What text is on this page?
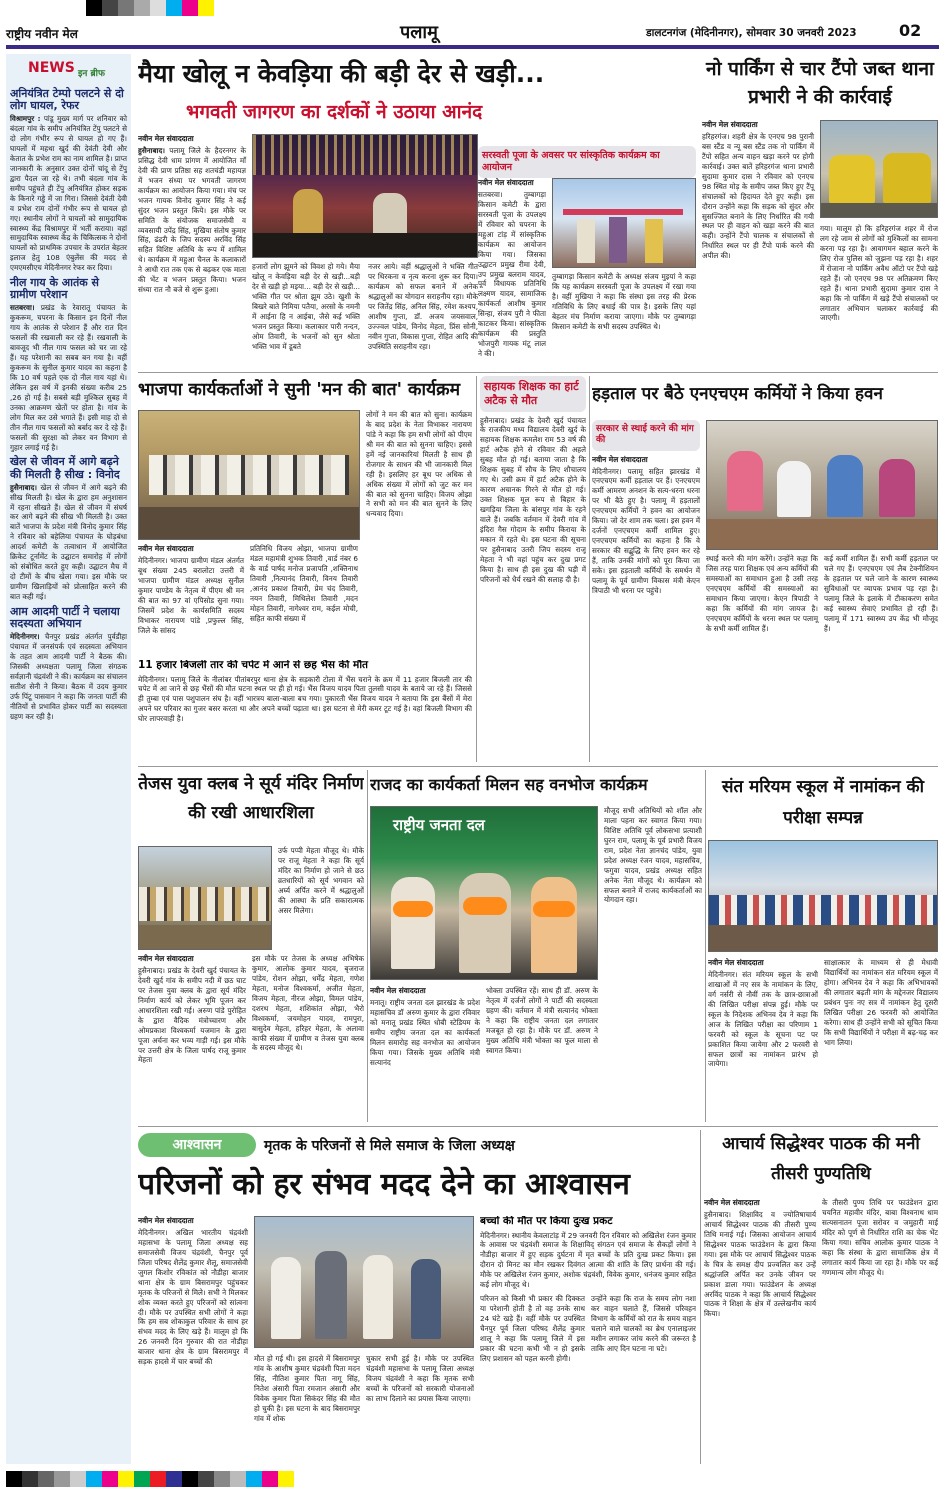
राष्ट्रीय नवीन मेल	पलामू	डालटनगंज (मेदिनीनगर), सोमवार 30 जनवरी 2023	02
NEWS इन ब्रीफ
अनियंत्रित टेम्पो पलटने से दो लोग घायल, रेफर
विश्रामपुर : पांडू मुख्य मार्ग पर शनिवार को बंदला गांव के समीप अनियंत्रित टेंपु पलटने से दो लोग गंभीर रूप से घायल हो गए हैं। घायलों में महथा खुर्द की देवंती देवी और केतात के प्रभेश राम का नाम शामिल है। प्राप्त जानकारी के अनुसार उक्त दोनों चांदू से टेंपु द्वारा पैदल जा रहे थे। तभी बंदला गांव के समीप पहुंचते ही टेंपु अनियंत्रित होकर सड़क के किनारे गड्ढे में जा गिरा। जिससे देवंती देवी व प्रभेश राम दोनों गंभीर रूप से घायल हो गए। स्थानीय लोगों ने घायलों को सामुदायिक स्वास्थ्य केंद्र विश्रामपुर में भर्ती कराया। वहां सामुदायिक स्वास्थ्य केंद्र के चिकित्सक ने दोनों घायलों को प्राथमिक उपचार के उपरांत बेहतर इलाज हेतु 108 एंबुलेंस की मदद से एमएमसीएच मेदिनीनगर रेफर कर दिया।
नील गाय के आतंक से ग्रामीण परेशान
सतबरवा। प्रखंड के रेवारातू पंचायत के कुकरूम, चपरना के किसान इन दिनों नील गाय के आतंक से परेशान हैं और रात दिन फसलों की रखवाली कर रहे हैं। रखवाली के बावजूद भी नील गाय फसल को चर जा रहे हैं। यह परेशानी का सबब बन गया है। वहीं कुकरूम के सुनील कुमार यादव का कहना है कि 10 वर्ष पहले एक दो नील गाय यहां थे। लेकिन इस वर्ष में इनकी संख्या करीब 25 ,26 हो गई है। सबसे बड़ी मुश्किल सुबह में उनका आक्रमण खेतों पर होता है। गांव के लोग मिल कर उसे भगाते हैं। इसी माह दो से तीन नील गाय फसलों को बर्बाद कर दे रहे हैं। फसलों की सुरक्षा को लेकर वन विभाग से गुहार लगाई गई है।
खेल से जीवन में आगे बढ़ने की मिलती है सीख : विनोद
हुसैनाबाद। खेल से जीवन में आगे बढ़ने की सीख मिलती है। खेल के द्वारा हम अनुशासन में रहना सीखते हैं। खेल से जीवन में संघर्ष कर आगे बढ़ने की सीख भी मिलती है। उक्त बातें भाजपा के प्रदेश मंत्री विनोद कुमार सिंह ने रविवार को बहेलिया पंचायत के घोड़बंधा आदर्श कमेटी के तत्वाधान में आयोजित क्रिकेट टूर्नामेंट के उद्घाटन समारोह में लोगों को संबोधित करते हुए कही। उद्घाटन मैच में दो टीमों के बीच खेला गया। इस मौके पर ग्रामीण खिलाड़ियों को प्रोत्साहित करने की बात कही गई।
आम आदमी पार्टी ने चलाया सदस्यता अभियान
मेदिनीनगर। चैनपुर प्रखंड अंतर्गत पुर्वडीहा पंचायत में जनसंपर्क एवं सदस्यता अभियान के तहत आम आदमी पार्टी ने बैठक की। जिसकी अध्यक्षता पलामू जिला संगठक सर्वज्ञानी चंद्रवंशी ने की। कार्यक्रम का संचालन सतीश सेनी ने किया। बैठक में उदय कुमार उर्फ पिंटू पासवान ने कहा कि जनता पार्टी की नीतियों से प्रभावित होकर पार्टी का सदस्यता ग्रहण कर रही है।
मैया खोलू न केवड़िया की बड़ी देर से खड़ी...
भगवती जागरण का दर्शकों ने उठाया आनंद
नवीन मेल संवाददाता
हुसैनाबाद। पलामू जिले के हैदरनगर के प्रसिद्ध देवी धाम प्रांगण में आयोजित माँ देवी की प्राण प्रतिष्ठा सह शतचंडी महायज्ञ में भजन संध्या पर भगवती जागरण कार्यक्रम का आयोजन किया गया। मंच पर भजन गायक विनोद कुमार सिंह ने कई सुंदर भजन प्रस्तुत किये। इस मौके पर समिति के संयोजक समाजसेवी व व्यवसायी उपेंद्र सिंह, मुखिया संतोष कुमार सिंह, ढंढरी के जिप सदस्य अरविंद सिंह सहित विशिष्ट अतिथि के रूप में शामिल थे। कार्यक्रम में महुआ चैनल के कलाकारों ने आधी रात तक एक से बढ़कर एक माता की भेंट व भजन प्रस्तुत किया। भजन संध्या रात नौ बजे से शुरू हुआ।
हजारों लोग झूमने को विवश हो गये। मैया खोलू न केवड़िया बड़ी देर से खड़ी...बड़ी देर से खड़ी हो मइया... बड़ी देर से खड़ी... भक्ति गीत पर श्रोता झूम उठे। खुशी के बिखरे बाते निमिया पतैया, अरसो के नमनी में आईना हि न आईबा, जैसे कई भक्ति भजन प्रस्तुत किया। कलाकार पारी नन्दन, ओम तिवारी, के भजनों को सुन श्रोता भक्ति भाव में डूबते
नजर आये। वहीं श्रद्धालुओं ने भक्ति गीत पर थिरकना व नृत्य करना शुरू कर दिया। कार्यक्रम को सफल बनाने में अनेक श्रद्धालुओं का योगदान सराहनीय रहा। मौके पर जितेंद्र सिंह, अनिल सिंह, रमेश कश्यप, आशीष गुप्ता, डॉ. अजय जयसवाल, उज्ज्वल पांडेय, विनोद मेहता, प्रिंस सोनी, नवीन गुप्ता, विकास गुप्ता, रोहित आदि की उपस्थिति सराहनीय रहा।
सरस्वती पूजा के अवसर पर सांस्कृतिक कार्यक्रम का आयोजन
नवीन मेल संवाददाता
सतबरवा। तुम्बागड़ा किसान कमेटी के द्वारा सरस्वती पूजा के उपलक्ष्य में रविवार को चपरना के महुआ टांड़ में सांस्कृतिक कार्यक्रम का आयोजन किया गया। जिसका उद्घाटन प्रमुख रीमा देवी, उप प्रमुख बलराम यादव, पूर्व विधायक प्रतिनिधि लक्ष्मण यादव, सामाजिक कार्यकर्ता आशीष कुमार सिन्हा, संजय पुरी ने फीता काटकर किया। सांस्कृतिक कार्यक्रम की प्रस्तुति भोजपुरी गायक मंटू लाल ने की।
तुम्बागड़ा किसान कमेटी के अध्यक्ष संजय मुइयां ने कहा कि यह कार्यक्रम सरस्वती पूजा के उपलक्ष्य में रखा गया है। वहीं मुखिया ने कहा कि संस्था इस तरह की प्रेरक गतिविधि के लिए बधाई की पात्र है। इसके लिए यहां बेहतर मंच निर्माण कराया जाएगा। मौके पर तुम्बागड़ा किसान कमेटी के सभी सदस्य उपस्थित थे।
नो पार्किंग से चार टैंपो जब्त थाना प्रभारी ने की कार्रवाई
नवीन मेल संवाददाता
हरिहरगंज। शहरी क्षेत्र के एनएच 98 पुरानी बस स्टैंड व न्यू बस स्टैंड तक नो पार्किंग में टैंपो सहित अन्य वाहन खड़ा करने पर होगी कार्रवाई। उक्त बातें हरिहरगंज थाना प्रभारी सुदामा कुमार दास ने रविवार को एनएच 98 स्थित मोड़ के समीप जब्त किए हुए टैंपू संचालकों को हिदायत देते हुए कही। इस दौरान उन्होंने कहा कि सड़क को सुंदर और सुसज्जित बनाने के लिए निर्धारित की गयी स्थल पर ही वाहन को खड़ा करने की बात कही। उन्होंने टैंपो चालक व संचालकों से निर्धारित स्थल पर ही टैंपो पार्क करने की अपील की।
गया। मालूम हो कि हरिहरगंज शहर में रोज लग रहे जाम से लोगों को मुश्किलों का सामना करना पड़ रहा है। आवागमन बहाल करने के लिए रोज पुलिस को जुझना पड़ रहा है। शहर में रोजाना नो पार्किंग अवैध ऑटो पर टैंपो खड़े रहते हैं। जो एनएच 98 पर अतिक्रमण किए रहते हैं। थाना प्रभारी सुदामा कुमार दास ने कहा कि नो पार्किंग में खड़े टैंपो संचालकों पर लगातार अभियान चलाकर कार्रवाई की जाएगी।
भाजपा कार्यकर्ताओं ने सुनी 'मन की बात' कार्यक्रम
नवीन मेल संवाददाता
मेदिनीनगर। भाजपा ग्रामीण मंडल अंतर्गत बूथ संख्या 245 बरालोटा उत्तरी में भाजपा ग्रामीण मंडल अध्यक्ष सुनील कुमार पाण्डेय के नेतृत्व में पीएम श्री मन की बात का 97 वां एपिसोड सुना गया। जिसमें प्रदेश के कार्यसमिति सदस्य विभाकर नारायण पांडे ,प्रफुल्ल सिंह, जिले के सांसद
प्रतिनिधि विजय ओझा, भाजपा ग्रामीण मंडल महामंत्री शुभक तिवारी ,वार्ड नंबर 6 के वार्ड पार्षद मनोज प्रजापति ,शक्तिनाथ तिवारी ,नित्यानंद तिवारी, विनय तिवारी ,आनंद प्रकाश तिवारी, प्रेम चंद तिवारी, नयन तिवारी, मिथिलेश तिवारी ,मदन मोहन तिवारी, नागेश्वर राम, कईल मोची, सहित काफी संख्या में
लोगों ने मन की बात को सुना। कार्यक्रम के बाद प्रदेश के नेता विभाकर नारायण पांडे ने कहा कि हम सभी लोगों को पीएम श्री मन की बात को सुनना चाहिए। इससे हमें नई जानकारियां मिलती है साथ ही रोजगार के साधन की भी जानकारी मिल रही है। इसलिए हर बूथ पर अधिक से अधिक संख्या में लोगों को जुट कर मन की बात को सुनना चाहिए। विजय ओझा ने सभी को मन की बात सुनने के लिए धन्यवाद दिया।
11 हजार बिजली तार की चपेट में आने से छह भैंस की मौत
मेदिनीनगर। पलामू जिले के नीलांबर पीतांबरपुर थाना क्षेत्र के सड़कारी टोला में भैंस चराने के क्रम में 11 हजार बिजली तार की चपेट में आ जाने से छह भैंसों की मौत घटना स्थल पर ही हो गई। भैंस विजय यादव पिता तुलसी यादव के बताये जा रहे हैं। जिससे ही तुम्बा एवं पास पशुपालन संघ है। वहीं भारत्रय बाला-बाला बच गया। पुकारती भैंस विजय यादव ने बताया कि इस बैंसों में मेरा अपने घर परिवार का गुजर बसर करता था और अपने बच्चों पढ़ाता था। इस घटना से मेरी कमर टूट गई है। वहां बिजली विभाग की घोर लापरवाही है।
सहायक शिक्षक का हार्ट अटैक से मौत
हुसैनाबाद। प्रखंड के देवरी खुर्द पंचायत के राजकीय मध्य विद्यालय देवरी खुर्द के सहायक शिक्षक कमलेश राम 53 वर्ष की हार्ट अटैक होने से रविवार की अहले सुबह मौत हो गई। बताया जाता है कि शिक्षक सुबह में सौच के लिए शौचालय गए थे। उसी क्रम में हार्ट अटैक होने के कारण अचानक गिरने से मौत हो गई। उक्त शिक्षक मूल रूप से बिहार के खगड़िया जिला के बांसपुर गांव के रहने वाले हैं। जबकि वर्तमान में देवरी गांव में इंदिरा गैस गोदाम के समीप किराया के मकान में रहते थे। इस घटना की सूचना पर हुसैनाबाद उतरी जिप सदस्य राजू मेहता ने भी वहां पहुंच कर दुख प्रगट किया है। साथ ही इस दुख की घड़ी में परिजनों को धैर्य रखने की सलाह दी है।
हड़ताल पर बैठे एनएचएम कर्मियों ने किया हवन
सरकार से स्थाई करने की मांग की
नवीन मेल संवाददाता
मेदिनीनगर। पलामू सहित झारखंड में एनएचएम कर्मी हड़ताल पर हैं। एनएचएम कर्मी आमरण अनशन के सत्य-धरना धरना पर भी बैठे हुए है। पलामू में हड़तालों एनएचएम कर्मियों ने हवन का आयोजन किया। जो देर शाम तक चला। इस हवन में दर्जनों एनएचएम कर्मी शामिल हुए। एनएचएम कर्मियों का कहना है कि वे सरकार की सद्बुद्धि के लिए हवन कर रहे हैं, ताकि उनकी मांगों को पूरा किया जा सके। इस हड़ताली कर्मियों के समर्थन में पलामू के पूर्व ग्रामीण विकास मंत्री केएन त्रिपाठी भी धरना पर पहुंचे।
स्थाई करने की मांग करेंगे। उन्होंने कहा कि जिस तरह पारा शिक्षक एवं अन्य कर्मियों की समस्याओं का समाधान हुआ है उसी तरह एनएचएम कर्मियों की समस्याओं का समाधान किया जाएगा। केएन त्रिपाठी ने कहा कि कर्मियों की मांग जायज है। एनएचएम कर्मियों के धरना स्थल पर पलामू के सभी कर्मी शामिल हैं।
कई कर्मी शामिल हैं। सभी कर्मी हड़ताल पर चले गए हैं। एनएचएम एवं लैब टेक्नीशियन के हड़ताल पर चले जाने के कारण स्वास्थ्य सुविधाओं पर व्यापक प्रभाव पड़ रहा है। पलामू जिले के इलाके में टीकाकरण समेत कई स्वास्थ्य सेवाएं प्रभावित हो रही हैं। पलामू में 171 स्वास्थ्य उप केंद्र भी मौजूद हैं।
तेजस युवा क्लब ने सूर्य मंदिर निर्माण की रखी आधारशिला
उर्फ पप्पी मेहता मौजूद थे। मौके पर राजू मेहता ने कहा कि सूर्य मंदिर का निर्माण हो जाने से छठ व्रतधारियों को सूर्य भगवान को अर्घ्य अर्पित करने में श्रद्धालुओं की आस्था के प्रति सकारात्मक असर मिलेगा।
नवीन मेल संवाददाता
हुसैनाबाद। प्रखंड के देवरी खुर्द पंचायत के देवरी खुर्द गांव के समीप नदी में छठ घाट पर तेजस युवा क्लब के द्वारा सूर्य मंदिर निर्माण कार्य को लेकर भूमि पूजन कर आधारशिला रखी गई। अरुण पांडे पुरोहित के द्वारा वैदिक मंत्रोच्चारण और ओमप्रकाश विश्वकर्मा यजमान के द्वारा पूजा अर्चना कर भव्य गाड़ी गई। इस मौके पर उत्तरी क्षेत्र के जिला पार्षद राजू कुमार मेहता
इस मौके पर तेजस के अध्यक्ष अभिषेक कुमार, आलोक कुमार यादव, बृजराज पांडेय, रोशन ओझा, धर्मेंद्र मेहता, गणेश मेहता, मनोज विश्वकर्मा, अजीत मेहता, विजय मेहता, नीरज ओझा, विमल पांडेय, दशरथ मेहता, शशिकांत ओझा, भैरो विश्वकर्मा, जयमोहन यादव, रामपुरा, बासुदेव मेहता, हरिहर मेहता, के अलावा काफी संख्या में ग्रामीण व तेजस युवा क्लब के सदस्य मौजूद थे।
राजद का कार्यकर्ता मिलन सह वनभोज कार्यक्रम
राष्ट्रीय जनता दल
मौजूद सभी अतिथियों को शॉल और माला पहना कर स्वागत किया गया। विशिष्ट अतिथि पूर्व लोकसभा प्रत्याशी घुरन राम, पलामू के पूर्व प्रभारी विजय राम, प्रदेश नेता ज्ञानचंद पांडेय, युवा प्रदेश अध्यक्ष रंजन यादव, महासचिव, फगुवा यादव, प्रखंड अध्यक्ष सहित अनेक नेता मौजूद थे। कार्यक्रम को सफल बनाने में राजद कार्यकर्ताओं का योगदान रहा।
नवीन मेल संवाददाता
मनातू। राष्ट्रीय जनता दल झारखंड के प्रदेश महासचिव डॉ अरुण कुमार के द्वारा रविवार को मनातू प्रखंड स्थित धोबी स्टेडियम के समीप राष्ट्रीय जनता दल का कार्यकर्ता मिलन समारोह सह वनभोज का आयोजन किया गया। जिसके मुख्य अतिथि मंत्री सत्यानंद
भोक्ता उपस्थित रहें। साथ ही डॉ. अरुण के नेतृत्व में दर्जनों लोगों ने पार्टी की सदस्यता ग्रहण की। वर्तमान में मंत्री सत्यानंद भोक्ता ने कहा कि राष्ट्रीय जनता दल लगातार मजबूत हो रहा है। मौके पर डॉ. अरुण ने मुख्य अतिथि मंत्री भोक्ता का फूल माला से स्वागत किया।
संत मरियम स्कूल में नामांकन की परीक्षा सम्पन्न
नवीन मेल संवाददाता
मेदिनीनगर। संत मरियम स्कूल के सभी शाखाओं में नए सत्र के नामांकन के लिए, वर्ग नर्सरी से नौवीं तक के छात्र-छात्राओं की लिखित परीक्षा संपन्न हुई। मौके पर स्कूल के निदेशक अभिनव देव ने कहा कि आज के लिखित परीक्षा का परिणाम 1 फरवरी को स्कूल के सूचना पट पर प्रकाशित किया जायेगा और 2 फरवरी से सफल छात्रों का नामांकन प्रारंभ हो जायेगा।
साक्षात्कार के माध्यम से ही मेधावी विद्यार्थियों का नामांकन संत मरियम स्कूल में होगा। अभिनव देव ने कहा कि अभिभावकों की लगातार बढ़ती मांग के मद्देनजर विद्यालय प्रबंधन पुनः नए सत्र में नामांकन हेतु दूसरी लिखित परीक्षा 26 फरवरी को आयोजित करेगा। साथ ही उन्होंने सभी को सूचित किया कि सभी विद्यार्थियों ने परीक्षा में बढ़-चढ़ कर भाग लिया।
आश्वासन	मृतक के परिजनों से मिले समाज के जिला अध्यक्ष
परिजनों को हर संभव मदद देने का आश्वासन
नवीन मेल संवाददाता
मेदिनीनगर। अखिल भारतीय चंद्रवंशी महासभा के पलामू जिला अध्यक्ष सह समाजसेवी विजय चंद्रवंशी, चैनपुर पूर्व जिला परिषद शैलेंद्र कुमार शैलू, समाजसेवी जुगल किशोर रविकांत को नौडीहा बाजार थाना क्षेत्र के ग्राम बिसरामपुर पहुंचकर मृतक के परिजनों से मिले। सभी ने मिलकर शोक व्यक्त करते हुए परिजनों को सांत्वना दी। मौके पर उपस्थित सभी लोगों ने कहा कि हम सब शोकाकुल परिवार के साथ हर संभव मदद के लिए खड़े हैं। मालूम हो कि 26 जनवरी दिन गुरुवार की रात नौडीहा बाजार थाना क्षेत्र के ग्राम बिसरामपुर में सड़क हादसे में चार बच्चों की	मौत हो गई थी। इस हादसे में बिसरामपुर गांव के आशीष कुमार चंद्रवंशी पिता मदन सिंह, नीतिश कुमार पिता नागू सिंह, नितेश अंसारी पिता रमजान अंसारी और विवेक कुमार पिता सिकंदर सिंह की मौत हो चुकी है। इस घटना के बाद बिसरामपुर गांव में शोक
चुकार सभी हुई है। मौके पर उपस्थित चंद्रवंशी महासभा के पलामू जिला अध्यक्ष विजय चंद्रवंशी ने कहा कि मृतक सभी बच्चों के परिजनों को सरकारी योजनाओं का लाभ दिलाने का प्रयास किया जाएगा।
बच्चों की मौत पर किया दुःख प्रकट
मेदिनीनगर। स्थानीय केवलाटांड़ में 29 जनवरी दिन रविवार को अखिलेश रंजन कुमार के आवास पर चंद्रवंशी समाज के शिक्षाविद् संगठन एवं समाज के सैकड़ों लोगों ने नौडीहा बाजार में हुए सड़क दुर्घटना में मृत बच्चों के प्रति दुःख प्रकट किया। इस दौरान दो मिनट का मौन रखकर दिवंगत आत्मा की शांति के लिए प्रार्थना की गई। मौके पर अखिलेश रंजन कुमार, अशोक चंद्रवंशी, विवेक कुमार, धनंजय कुमार सहित कई लोग मौजूद थे।
परिजन को किसी भी प्रकार की दिक्कत या परेशानी होती है तो वह उनके साथ 24 घंटे खड़े हैं। वहीं मौके पर उपस्थित चैनपुर पूर्व जिला परिषद शैलेंद्र कुमार शालू ने कहा कि पलामू जिले में इस प्रकार की घटना कभी भी न हो इसके लिए प्रशासन को पहल करनी होगी।
उन्होंने कहा कि राज के समय लोग नशा कर वाहन चलाते हैं, जिससे परिवहन विभाग के कर्मियों को रात के समय वाहन चलाने वाले चालकों का ब्रेथ एनालाइजर मशीन लगाकर जांच करने की जरूरत है ताकि आए दिन घटना ना घटे।
आचार्य सिद्धेश्वर पाठक की मनी तीसरी पुण्यतिथि
नवीन मेल संवाददाता
हुसैनाबाद। शिक्षाविद व ज्योतिषाचार्य आचार्य सिद्धेश्वर पाठक की तीसरी पुण्य तिथि मनाई गई। जिसका आयोजन आचार्य सिद्धेश्वर पाठक फाउंडेशन के द्वारा किया गया। इस मौके पर आचार्य सिद्धेश्वर पाठक के चित्र के समक्ष दीप प्रज्वलित कर उन्हें श्रद्धांजलि अर्पित कर उनके जीवन पर प्रकाश डाला गया। फाउंडेशन के अध्यक्ष अरविंद पाठक ने कहा कि आचार्य सिद्धेश्वर पाठक ने शिक्षा के क्षेत्र में उल्लेखनीय कार्य किया।
के तीसरी पुण्य तिथि पर फाउंडेशन द्वारा चयनित महावीर मंदिर, बाबा विश्वनाथ धाम सत्यसनातन पूजा सरोवर व जमुहारी माई मंदिर को पूर्ण से निर्धारित राशि का चेक भेंट किया गया। सचिव आलोक कुमार पाठक ने कहा कि संस्था के द्वारा सामाजिक क्षेत्र में लगातार कार्य किया जा रहा है। मौके पर कई गणमान्य लोग मौजूद थे।
